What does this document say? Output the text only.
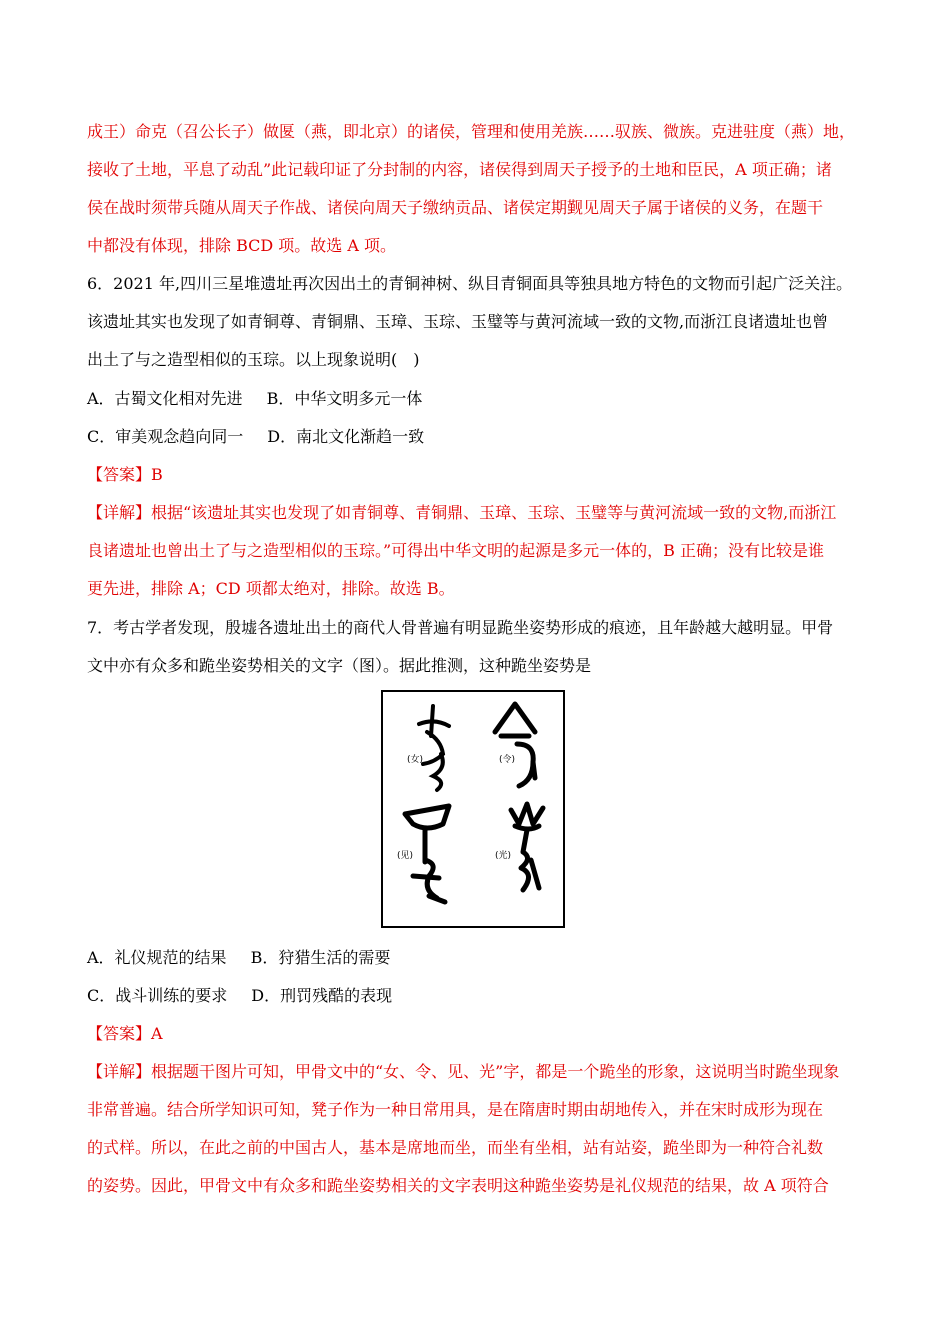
成王）命克（召公长子）做匽（燕，即北京）的诸侯，管理和使用羌族……驭族、微族。克进驻度（燕）地，
接收了土地，平息了动乱”此记载印证了分封制的内容，诸侯得到周天子授予的土地和臣民，A 项正确；诸
侯在战时须带兵随从周天子作战、诸侯向周天子缴纳贡品、诸侯定期觐见周天子属于诸侯的义务，在题干
中都没有体现，排除 BCD 项。故选 A 项。
6．2021 年,四川三星堆遗址再次因出土的青铜神树、纵目青铜面具等独具地方特色的文物而引起广泛关注。
该遗址其实也发现了如青铜尊、青铜鼎、玉璋、玉琮、玉璧等与黄河流域一致的文物,而浙江良诸遗址也曾
出土了与之造型相似的玉琮。以上现象说明(　)
A．古蜀文化相对先进 B．中华文明多元一体
C．审美观念趋向同一 D．南北文化渐趋一致
【答案】B
【详解】根据“该遗址其实也发现了如青铜尊、青铜鼎、玉璋、玉琮、玉璧等与黄河流域一致的文物,而浙江
良诸遗址也曾出土了与之造型相似的玉琮。”可得出中华文明的起源是多元一体的，B 正确；没有比较是谁
更先进，排除 A；CD 项都太绝对，排除。故选 B。
7．考古学者发现，殷墟各遗址出土的商代人骨普遍有明显跪坐姿势形成的痕迹，且年龄越大越明显。甲骨
文中亦有众多和跪坐姿势相关的文字（图）。据此推测，这种跪坐姿势是
(女)	(令)
(见)	(光)
A．礼仪规范的结果 B．狩猎生活的需要
C．战斗训练的要求 D．刑罚残酷的表现
【答案】A
【详解】根据题干图片可知，甲骨文中的“女、令、见、光”字，都是一个跪坐的形象，这说明当时跪坐现象
非常普遍。结合所学知识可知，凳子作为一种日常用具，是在隋唐时期由胡地传入，并在宋时成形为现在
的式样。所以，在此之前的中国古人，基本是席地而坐，而坐有坐相，站有站姿，跪坐即为一种符合礼数
的姿势。因此，甲骨文中有众多和跪坐姿势相关的文字表明这种跪坐姿势是礼仪规范的结果，故 A 项符合
